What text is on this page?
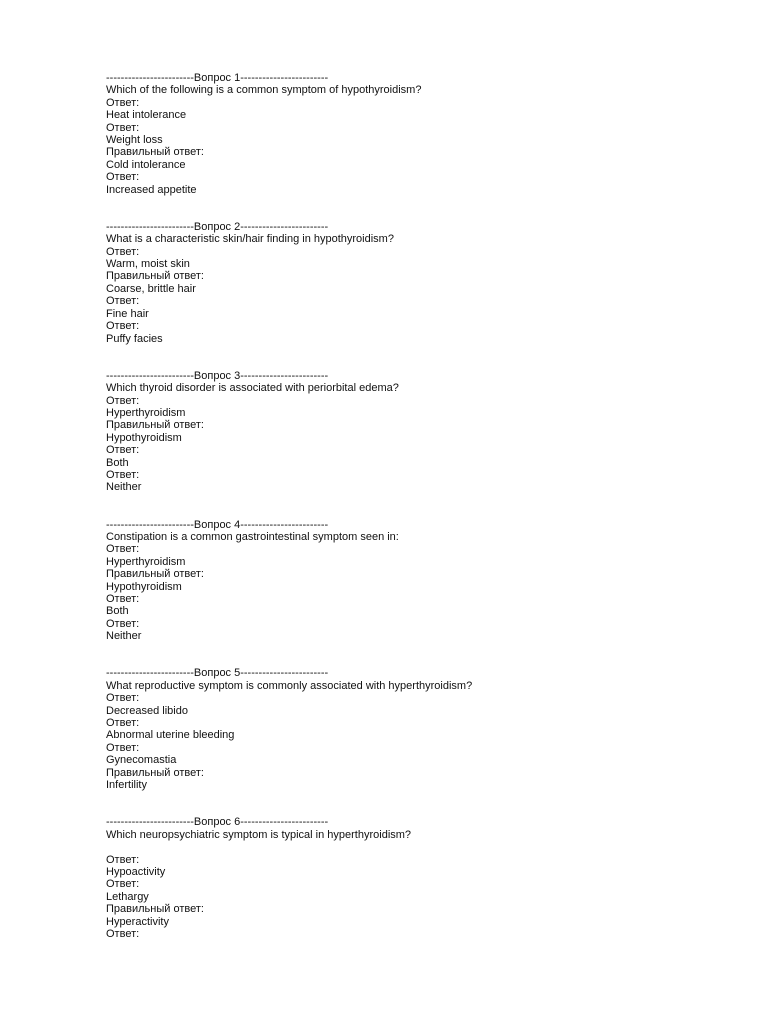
------------------------Вопрос 1------------------------
Which of the following is a common symptom of hypothyroidism?
Ответ:
Heat intolerance
Ответ:
Weight loss
Правильный ответ:
Cold intolerance
Ответ:
Increased appetite
------------------------Вопрос 2------------------------
What is a characteristic skin/hair finding in hypothyroidism?
Ответ:
Warm, moist skin
Правильный ответ:
Coarse, brittle hair
Ответ:
Fine hair
Ответ:
Puffy facies
------------------------Вопрос 3------------------------
Which thyroid disorder is associated with periorbital edema?
Ответ:
Hyperthyroidism
Правильный ответ:
Hypothyroidism
Ответ:
Both
Ответ:
Neither
------------------------Вопрос 4------------------------
Constipation is a common gastrointestinal symptom seen in:
Ответ:
Hyperthyroidism
Правильный ответ:
Hypothyroidism
Ответ:
Both
Ответ:
Neither
------------------------Вопрос 5------------------------
What reproductive symptom is commonly associated with hyperthyroidism?
Ответ:
Decreased libido
Ответ:
Abnormal uterine bleeding
Ответ:
Gynecomastia
Правильный ответ:
Infertility
------------------------Вопрос 6------------------------
Which neuropsychiatric symptom is typical in hyperthyroidism?
Ответ:
Hypoactivity
Ответ:
Lethargy
Правильный ответ:
Hyperactivity
Ответ:
